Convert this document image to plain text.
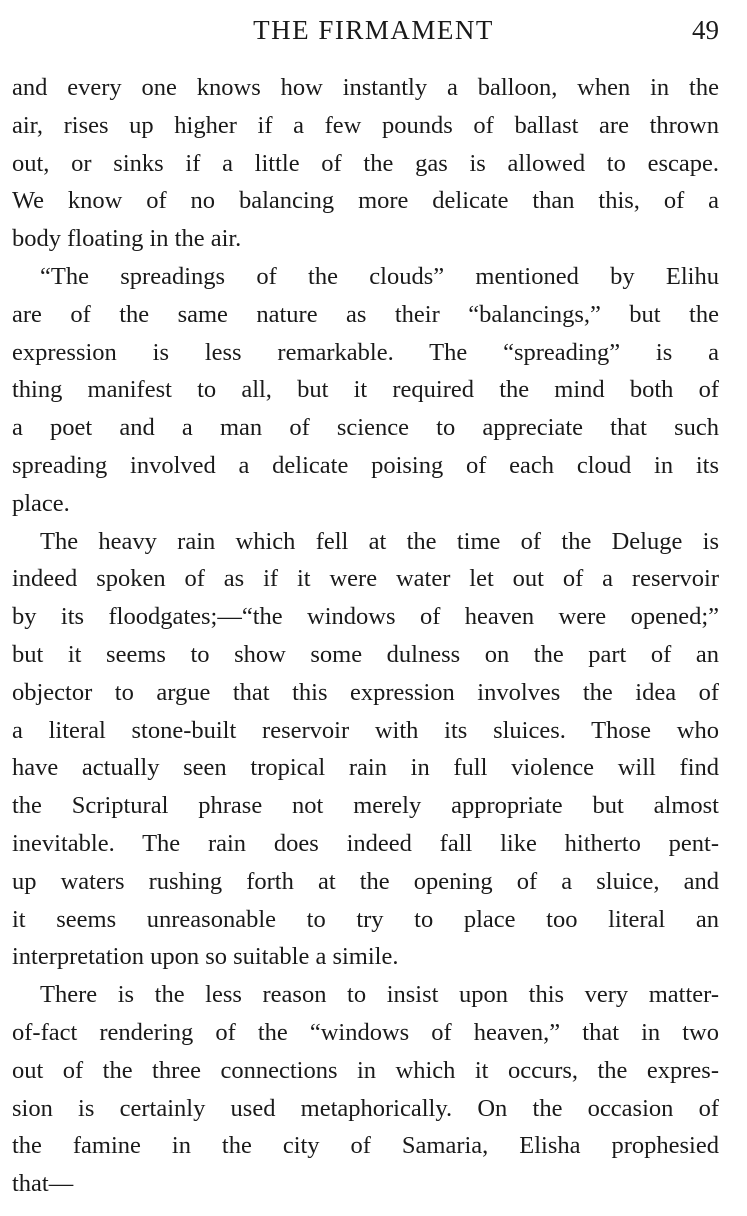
THE FIRMAMENT	49
and every one knows how instantly a balloon, when in the
air, rises up higher if a few pounds of ballast are thrown
out, or sinks if a little of the gas is allowed to escape.
We know of no balancing more delicate than this, of a
body floating in the air.
“The spreadings of the clouds” mentioned by Elihu
are of the same nature as their “balancings,” but the
expression is less remarkable. The “spreading” is a
thing manifest to all, but it required the mind both of
a poet and a man of science to appreciate that such
spreading involved a delicate poising of each cloud in its
place.
The heavy rain which fell at the time of the Deluge is
indeed spoken of as if it were water let out of a reservoir
by its floodgates;—“the windows of heaven were opened;”
but it seems to show some dulness on the part of an
objector to argue that this expression involves the idea of
a literal stone-built reservoir with its sluices. Those who
have actually seen tropical rain in full violence will find
the Scriptural phrase not merely appropriate but almost
inevitable. The rain does indeed fall like hitherto pent-
up waters rushing forth at the opening of a sluice, and
it seems unreasonable to try to place too literal an
interpretation upon so suitable a simile.
There is the less reason to insist upon this very matter-
of-fact rendering of the “windows of heaven,” that in two
out of the three connections in which it occurs, the expres-
sion is certainly used metaphorically. On the occasion of
the famine in the city of Samaria, Elisha prophesied
that—
